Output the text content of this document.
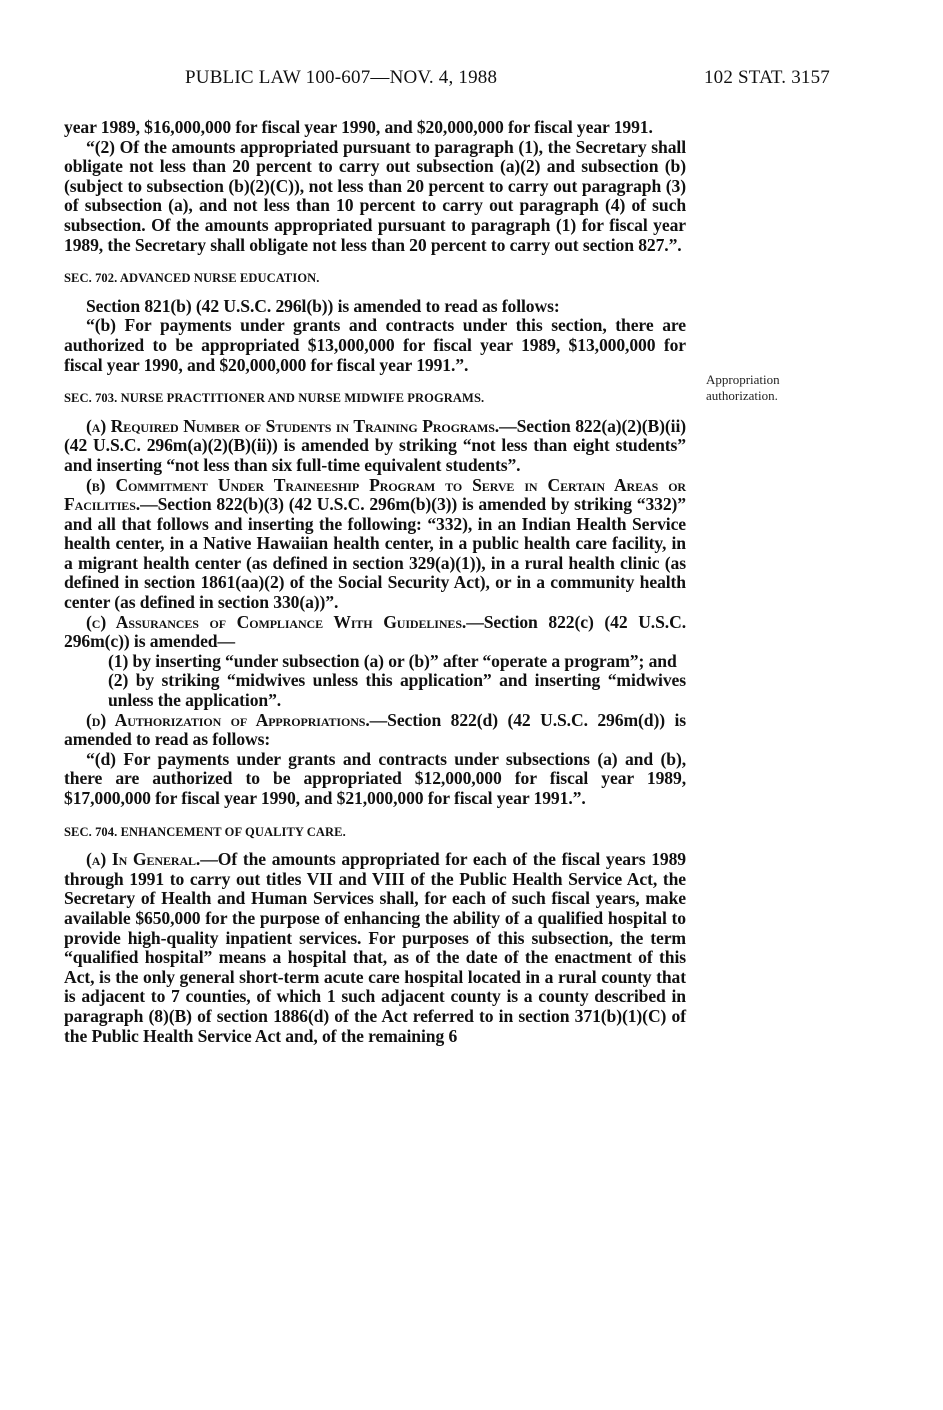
PUBLIC LAW 100-607—NOV. 4, 1988	102 STAT. 3157
Appropriation
authorization.

year 1989, $16,000,000 for fiscal year 1990, and $20,000,000 for fiscal year 1991.

“(2) Of the amounts appropriated pursuant to paragraph (1), the Secretary shall obligate not less than 20 percent to carry out subsection (a)(2) and subsection (b) (subject to subsection (b)(2)(C)), not less than 20 percent to carry out paragraph (3) of subsection (a), and not less than 10 percent to carry out paragraph (4) of such subsection. Of the amounts appropriated pursuant to paragraph (1) for fiscal year 1989, the Secretary shall obligate not less than 20 percent to carry out section 827.”.

SEC. 702. ADVANCED NURSE EDUCATION.

Section 821(b) (42 U.S.C. 296l(b)) is amended to read as follows:

“(b) For payments under grants and contracts under this section, there are authorized to be appropriated $13,000,000 for fiscal year 1989, $13,000,000 for fiscal year 1990, and $20,000,000 for fiscal year 1991.”.

SEC. 703. NURSE PRACTITIONER AND NURSE MIDWIFE PROGRAMS.

(a) Required Number of Students in Training Programs.—Section 822(a)(2)(B)(ii) (42 U.S.C. 296m(a)(2)(B)(ii)) is amended by striking “not less than eight students” and inserting “not less than six full-time equivalent students”.

(b) Commitment Under Traineeship Program to Serve in Certain Areas or Facilities.—Section 822(b)(3) (42 U.S.C. 296m(b)(3)) is amended by striking “332)” and all that follows and inserting the following: “332), in an Indian Health Service health center, in a Native Hawaiian health center, in a public health care facility, in a migrant health center (as defined in section 329(a)(1)), in a rural health clinic (as defined in section 1861(aa)(2) of the Social Security Act), or in a community health center (as defined in section 330(a))”.

(c) Assurances of Compliance With Guidelines.—Section 822(c) (42 U.S.C. 296m(c)) is amended—

(1) by inserting “under subsection (a) or (b)” after “operate a program”; and

(2) by striking “midwives unless this application” and inserting “midwives unless the application”.

(d) Authorization of Appropriations.—Section 822(d) (42 U.S.C. 296m(d)) is amended to read as follows:

“(d) For payments under grants and contracts under subsections (a) and (b), there are authorized to be appropriated $12,000,000 for fiscal year 1989, $17,000,000 for fiscal year 1990, and $21,000,000 for fiscal year 1991.”.

SEC. 704. ENHANCEMENT OF QUALITY CARE.

(a) In General.—Of the amounts appropriated for each of the fiscal years 1989 through 1991 to carry out titles VII and VIII of the Public Health Service Act, the Secretary of Health and Human Services shall, for each of such fiscal years, make available $650,000 for the purpose of enhancing the ability of a qualified hospital to provide high-quality inpatient services. For purposes of this subsection, the term “qualified hospital” means a hospital that, as of the date of the enactment of this Act, is the only general short-term acute care hospital located in a rural county that is adjacent to 7 counties, of which 1 such adjacent county is a county described in paragraph (8)(B) of section 1886(d) of the Act referred to in section 371(b)(1)(C) of the Public Health Service Act and, of the remaining 6
